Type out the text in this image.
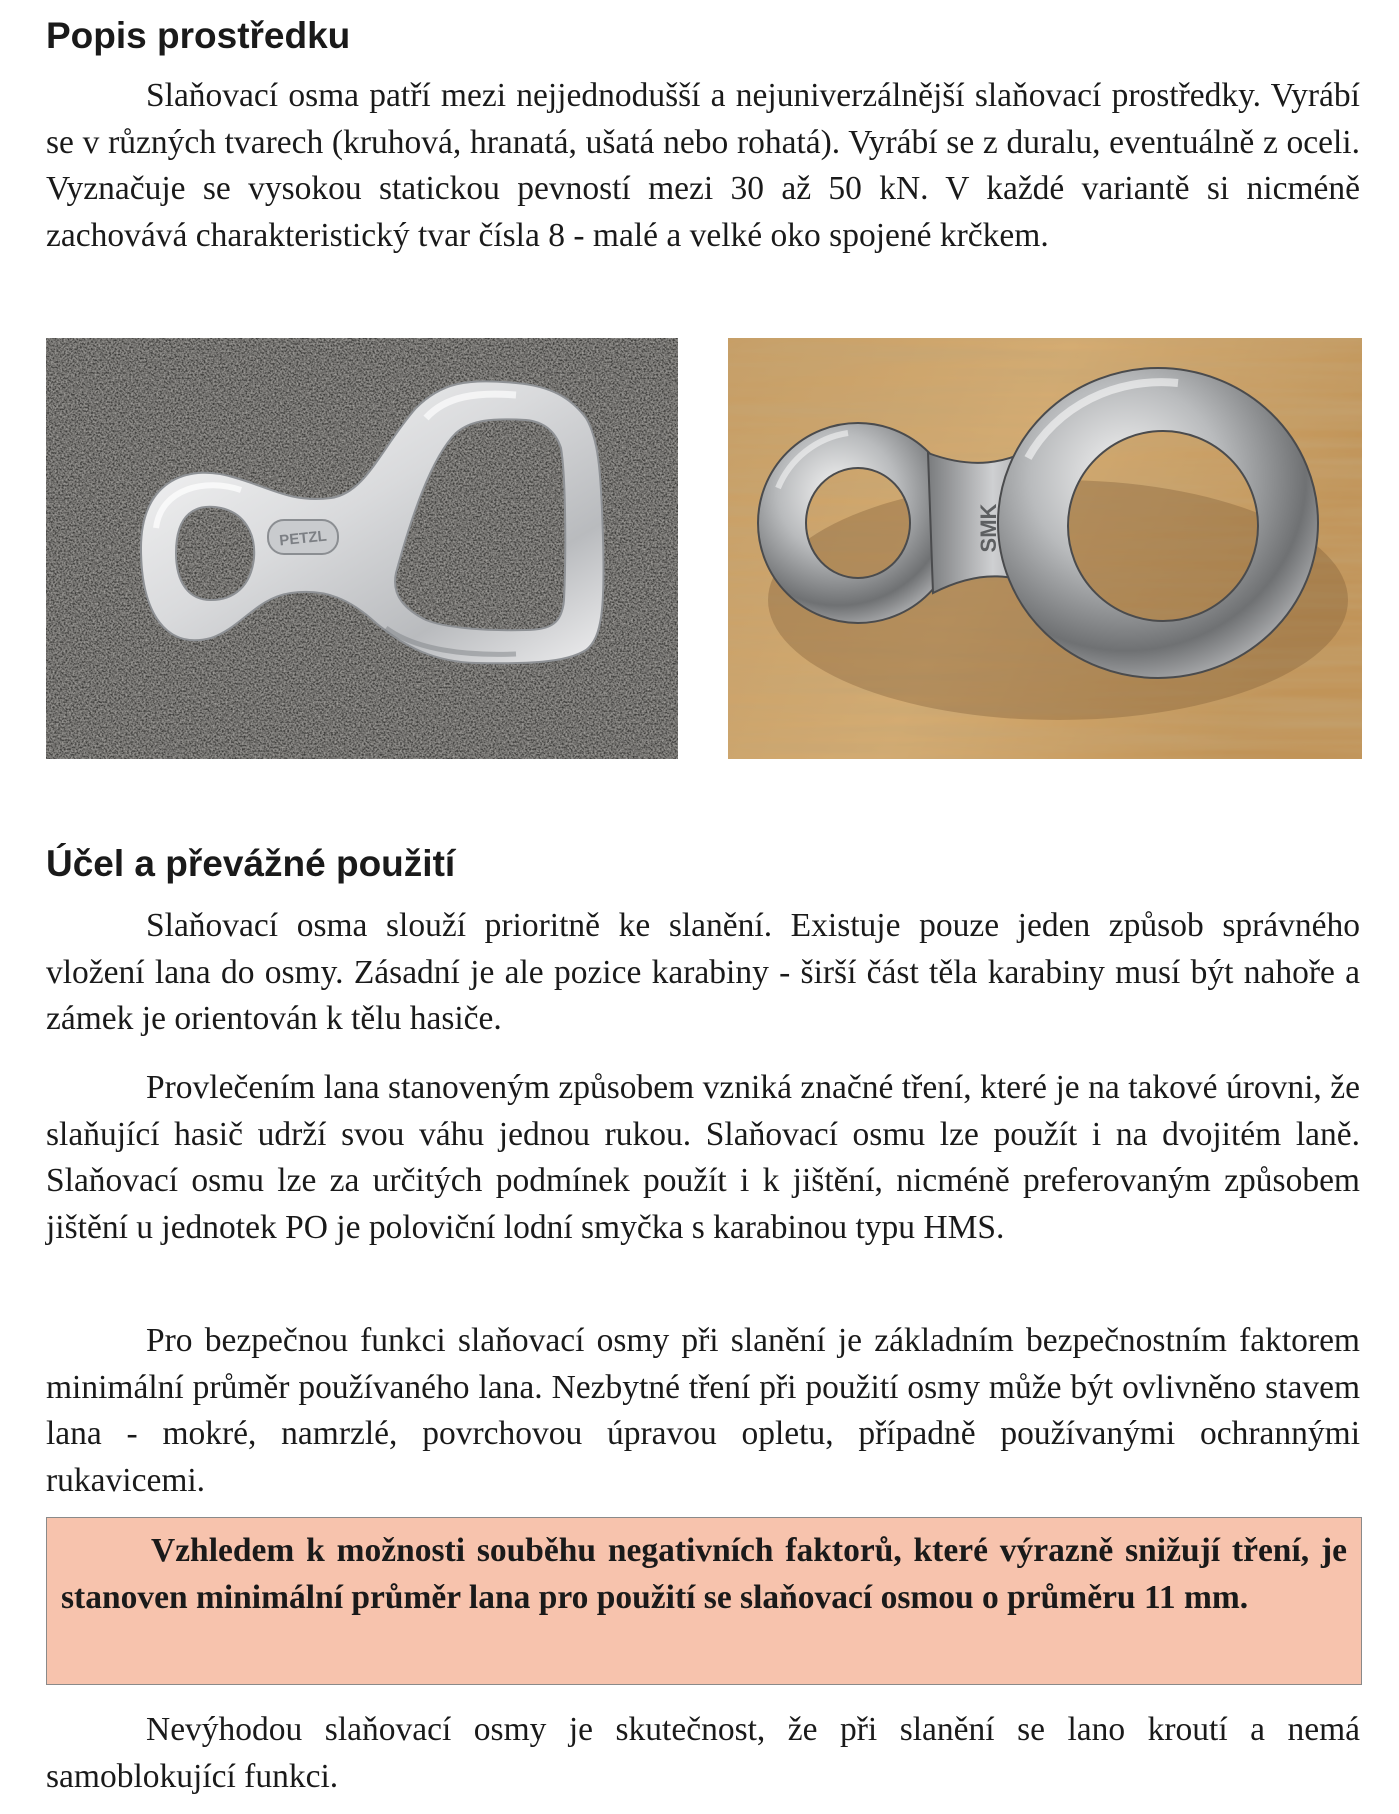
Popis prostředku

Slaňovací osma patří mezi nejjednodušší a nejuniverzálnější slaňovací prostředky. Vyrábí se v různých tvarech (kruhová, hranatá, ušatá nebo rohatá). Vyrábí se z duralu, eventuálně z oceli. Vyznačuje se vysokou statickou pevností mezi 30 až 50 kN. V každé variantě si nicméně zachovává charakteristický tvar čísla 8 - malé a velké oko spojené krčkem.

PETZL	SMK
Účel a převážné použití

Slaňovací osma slouží prioritně ke slanění. Existuje pouze jeden způsob správného vložení lana do osmy. Zásadní je ale pozice karabiny - širší část těla karabiny musí být nahoře a zámek je orientován k tělu hasiče.

Provlečením lana stanoveným způsobem vzniká značné tření, které je na takové úrovni, že slaňující hasič udrží svou váhu jednou rukou. Slaňovací osmu lze použít i na dvojitém laně. Slaňovací osmu lze za určitých podmínek použít i k jištění, nicméně preferovaným způsobem jištění u jednotek PO je poloviční lodní smyčka s karabinou typu HMS.

Pro bezpečnou funkci slaňovací osmy při slanění je základním bezpečnostním faktorem minimální průměr používaného lana. Nezbytné tření při použití osmy může být ovlivněno stavem lana - mokré, namrzlé, povrchovou úpravou opletu, případně používanými ochrannými rukavicemi.

Vzhledem k možnosti souběhu negativních faktorů, které výrazně snižují tření, je stanoven minimální průměr lana pro použití se slaňovací osmou o průměru 11 mm.

Nevýhodou slaňovací osmy je skutečnost, že při slanění se lano kroutí a nemá samoblokující funkci.
